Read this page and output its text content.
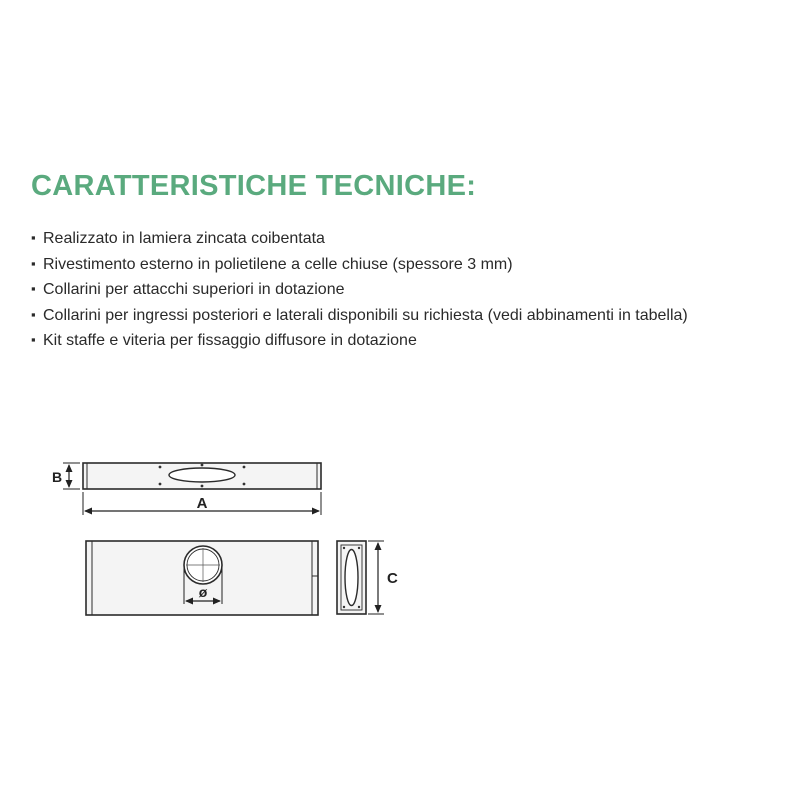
CARATTERISTICHE TECNICHE:
▪ Realizzato in lamiera zincata coibentata
▪ Rivestimento esterno in polietilene a celle chiuse (spessore 3 mm)
▪ Collarini per attacchi superiori in dotazione
▪ Collarini per ingressi posteriori e laterali disponibili su richiesta (vedi abbinamenti in tabella)
▪ Kit staffe e viteria per fissaggio diffusore in dotazione
B
A
ø
C
